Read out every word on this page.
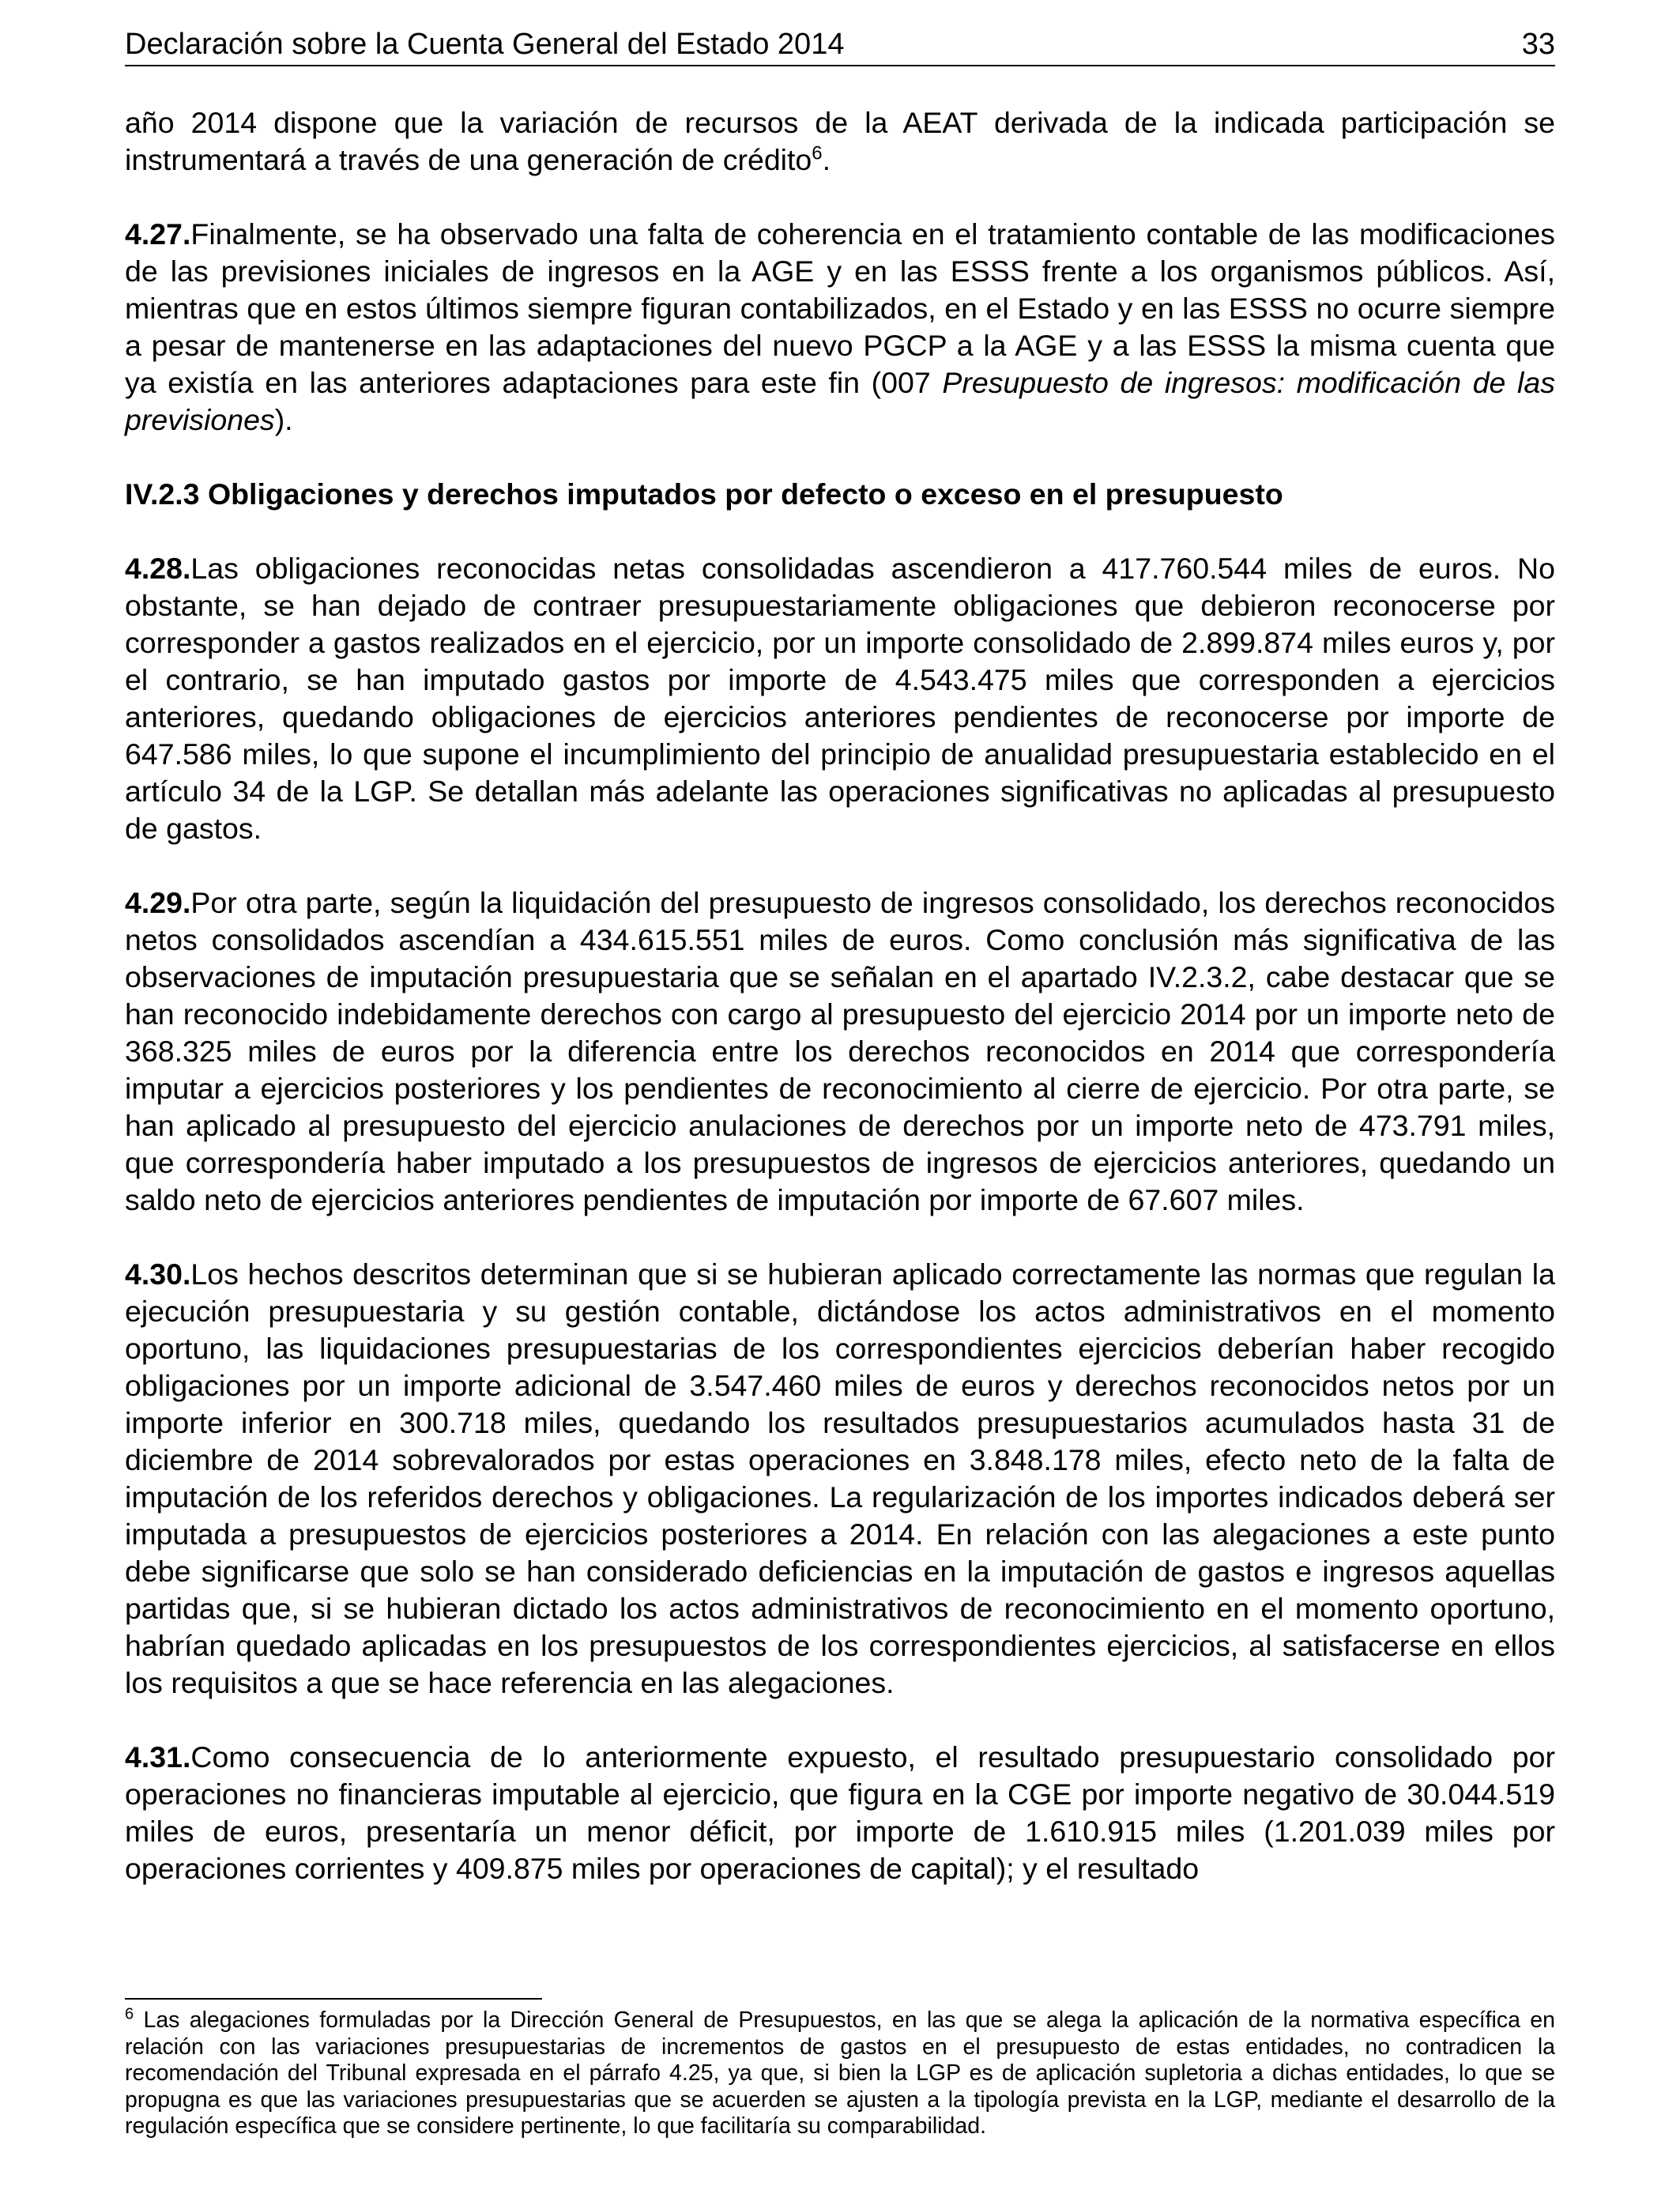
Declaración sobre la Cuenta General del Estado 2014	33

año 2014 dispone que la variación de recursos de la AEAT derivada de la indicada participación se instrumentará a través de una generación de crédito$^6$.

4.27.Finalmente, se ha observado una falta de coherencia en el tratamiento contable de las modificaciones de las previsiones iniciales de ingresos en la AGE y en las ESSS frente a los organismos públicos. Así, mientras que en estos últimos siempre figuran contabilizados, en el Estado y en las ESSS no ocurre siempre a pesar de mantenerse en las adaptaciones del nuevo PGCP a la AGE y a las ESSS la misma cuenta que ya existía en las anteriores adaptaciones para este fin (007 Presupuesto de ingresos: modificación de las previsiones).

IV.2.3 Obligaciones y derechos imputados por defecto o exceso en el presupuesto

4.28.Las obligaciones reconocidas netas consolidadas ascendieron a 417.760.544 miles de euros. No obstante, se han dejado de contraer presupuestariamente obligaciones que debieron reconocerse por corresponder a gastos realizados en el ejercicio, por un importe consolidado de 2.899.874 miles euros y, por el contrario, se han imputado gastos por importe de 4.543.475 miles que corresponden a ejercicios anteriores, quedando obligaciones de ejercicios anteriores pendientes de reconocerse por importe de 647.586 miles, lo que supone el incumplimiento del principio de anualidad presupuestaria establecido en el artículo 34 de la LGP. Se detallan más adelante las operaciones significativas no aplicadas al presupuesto de gastos.

4.29.Por otra parte, según la liquidación del presupuesto de ingresos consolidado, los derechos reconocidos netos consolidados ascendían a 434.615.551 miles de euros. Como conclusión más significativa de las observaciones de imputación presupuestaria que se señalan en el apartado IV.2.3.2, cabe destacar que se han reconocido indebidamente derechos con cargo al presupuesto del ejercicio 2014 por un importe neto de 368.325 miles de euros por la diferencia entre los derechos reconocidos en 2014 que correspondería imputar a ejercicios posteriores y los pendientes de reconocimiento al cierre de ejercicio. Por otra parte, se han aplicado al presupuesto del ejercicio anulaciones de derechos por un importe neto de 473.791 miles, que correspondería haber imputado a los presupuestos de ingresos de ejercicios anteriores, quedando un saldo neto de ejercicios anteriores pendientes de imputación por importe de 67.607 miles.

4.30.Los hechos descritos determinan que si se hubieran aplicado correctamente las normas que regulan la ejecución presupuestaria y su gestión contable, dictándose los actos administrativos en el momento oportuno, las liquidaciones presupuestarias de los correspondientes ejercicios deberían haber recogido obligaciones por un importe adicional de 3.547.460 miles de euros y derechos reconocidos netos por un importe inferior en 300.718 miles, quedando los resultados presupuestarios acumulados hasta 31 de diciembre de 2014 sobrevalorados por estas operaciones en 3.848.178 miles, efecto neto de la falta de imputación de los referidos derechos y obligaciones. La regularización de los importes indicados deberá ser imputada a presupuestos de ejercicios posteriores a 2014. En relación con las alegaciones a este punto debe significarse que solo se han considerado deficiencias en la imputación de gastos e ingresos aquellas partidas que, si se hubieran dictado los actos administrativos de reconocimiento en el momento oportuno, habrían quedado aplicadas en los presupuestos de los correspondientes ejercicios, al satisfacerse en ellos los requisitos a que se hace referencia en las alegaciones.

4.31.Como consecuencia de lo anteriormente expuesto, el resultado presupuestario consolidado por operaciones no financieras imputable al ejercicio, que figura en la CGE por importe negativo de 30.044.519 miles de euros, presentaría un menor déficit, por importe de 1.610.915 miles (1.201.039 miles por operaciones corrientes y 409.875 miles por operaciones de capital); y el resultado

$^6$ Las alegaciones formuladas por la Dirección General de Presupuestos, en las que se alega la aplicación de la normativa específica en relación con las variaciones presupuestarias de incrementos de gastos en el presupuesto de estas entidades, no contradicen la recomendación del Tribunal expresada en el párrafo 4.25, ya que, si bien la LGP es de aplicación supletoria a dichas entidades, lo que se propugna es que las variaciones presupuestarias que se acuerden se ajusten a la tipología prevista en la LGP, mediante el desarrollo de la regulación específica que se considere pertinente, lo que facilitaría su comparabilidad.
